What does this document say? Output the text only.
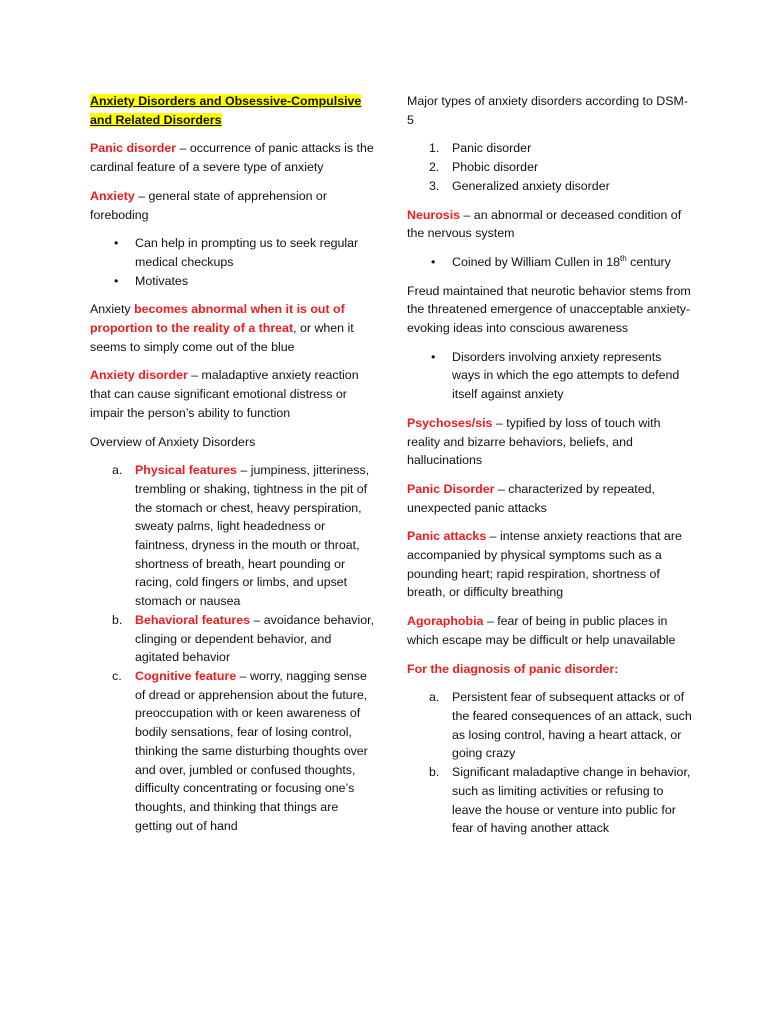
Anxiety Disorders and Obsessive-Compulsive and Related Disorders

Panic disorder – occurrence of panic attacks is the cardinal feature of a severe type of anxiety

Anxiety – general state of apprehension or foreboding

• Can help in prompting us to seek regular medical checkups
• Motivates

Anxiety becomes abnormal when it is out of proportion to the reality of a threat, or when it seems to simply come out of the blue

Anxiety disorder – maladaptive anxiety reaction that can cause significant emotional distress or impair the person’s ability to function

Overview of Anxiety Disorders

a. Physical features – jumpiness, jitteriness, trembling or shaking, tightness in the pit of the stomach or chest, heavy perspiration, sweaty palms, light headedness or faintness, dryness in the mouth or throat, shortness of breath, heart pounding or racing, cold fingers or limbs, and upset stomach or nausea
b. Behavioral features – avoidance behavior, clinging or dependent behavior, and agitated behavior
c. Cognitive feature – worry, nagging sense of dread or apprehension about the future, preoccupation with or keen awareness of bodily sensations, fear of losing control, thinking the same disturbing thoughts over and over, jumbled or confused thoughts, difficulty concentrating or focusing one’s thoughts, and thinking that things are getting out of hand

Major types of anxiety disorders according to DSM-5

1. Panic disorder
2. Phobic disorder
3. Generalized anxiety disorder

Neurosis – an abnormal or deceased condition of the nervous system

• Coined by William Cullen in 18th century

Freud maintained that neurotic behavior stems from the threatened emergence of unacceptable anxiety-evoking ideas into conscious awareness

• Disorders involving anxiety represents ways in which the ego attempts to defend itself against anxiety

Psychoses/sis – typified by loss of touch with reality and bizarre behaviors, beliefs, and hallucinations

Panic Disorder – characterized by repeated, unexpected panic attacks

Panic attacks – intense anxiety reactions that are accompanied by physical symptoms such as a pounding heart; rapid respiration, shortness of breath, or difficulty breathing

Agoraphobia – fear of being in public places in which escape may be difficult or help unavailable

For the diagnosis of panic disorder:

a. Persistent fear of subsequent attacks or of the feared consequences of an attack, such as losing control, having a heart attack, or going crazy
b. Significant maladaptive change in behavior, such as limiting activities or refusing to leave the house or venture into public for fear of having another attack
